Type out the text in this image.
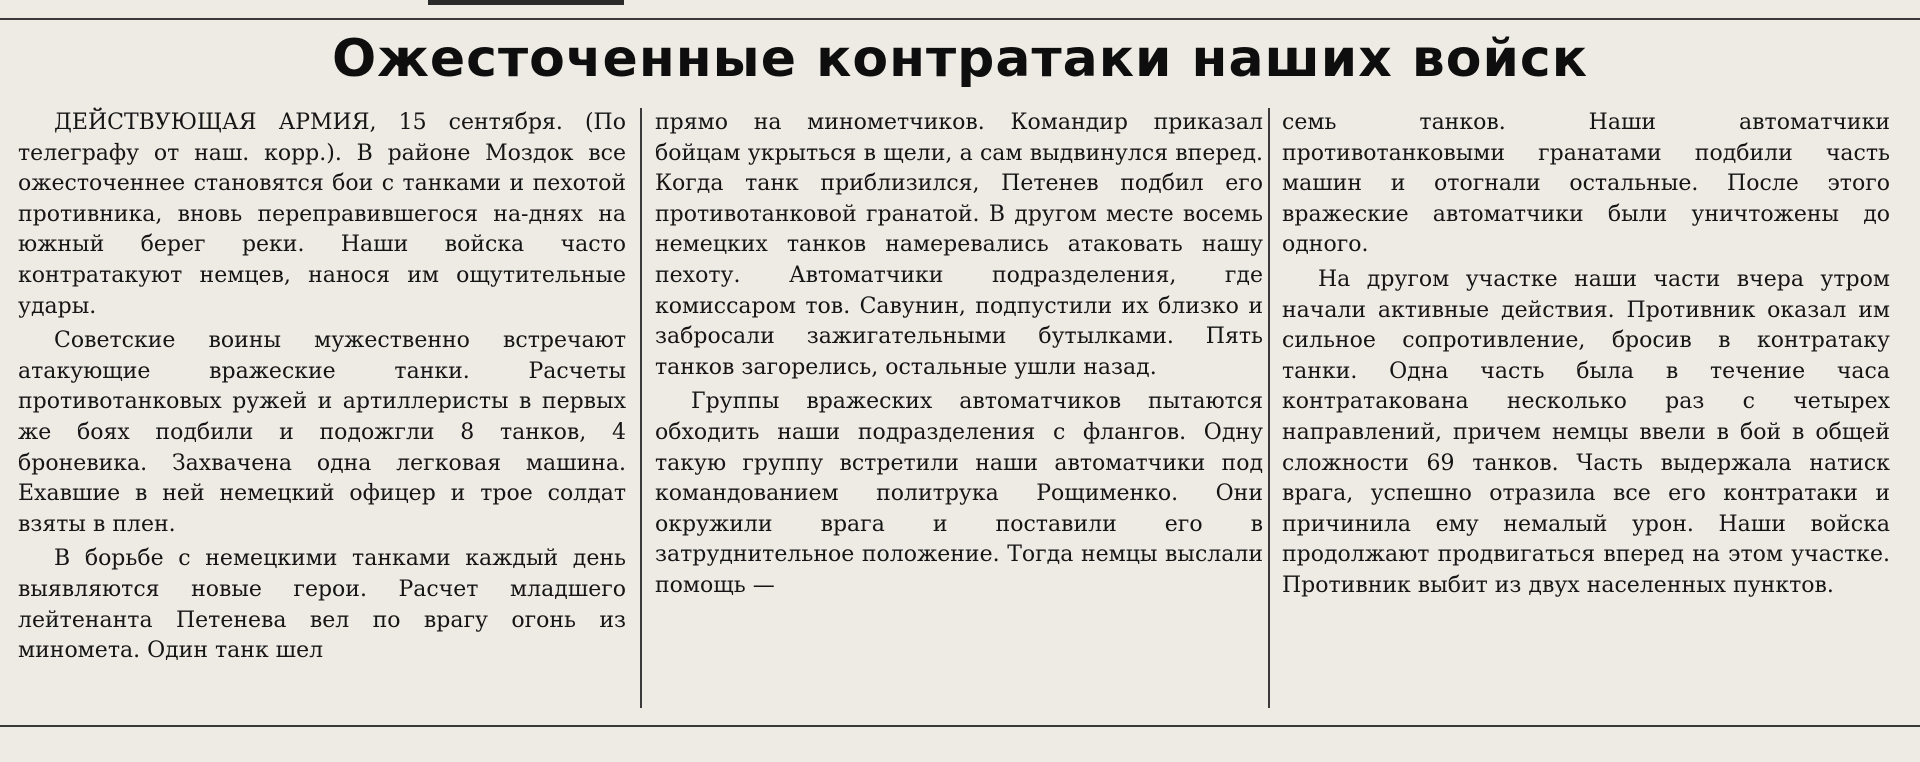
Ожесточенные контратаки наших войск

ДЕЙСТВУЮЩАЯ АРМИЯ, 15 сентября. (По телеграфу от наш. корр.). В районе Моздок все ожесточеннее становятся бои с танками и пехотой противника, вновь переправившегося на-днях на южный берег реки. Наши войска часто контратакуют немцев, нанося им ощутительные удары.

Советские воины мужественно встречают атакующие вражеские танки. Расчеты противотанковых ружей и артиллеристы в первых же боях подбили и подожгли 8 танков, 4 броневика. Захвачена одна легковая машина. Ехавшие в ней немецкий офицер и трое солдат взяты в плен.

В борьбе с немецкими танками каждый день выявляются новые герои. Расчет младшего лейтенанта Петенева вел по врагу огонь из миномета. Один танк шел

прямо на минометчиков. Командир приказал бойцам укрыться в щели, а сам выдвинулся вперед. Когда танк приблизился, Петенев подбил его противотанковой гранатой. В другом месте восемь немецких танков намеревались атаковать нашу пехоту. Автоматчики подразделения, где комиссаром тов. Савунин, подпустили их близко и забросали зажигательными бутылками. Пять танков загорелись, остальные ушли назад.

Группы вражеских автоматчиков пытаются обходить наши подразделения с флангов. Одну такую группу встретили наши автоматчики под командованием политрука Рощименко. Они окружили врага и поставили его в затруднительное положение. Тогда немцы выслали помощь —

семь танков. Наши автоматчики противотанковыми гранатами подбили часть машин и отогнали остальные. После этого вражеские автоматчики были уничтожены до одного.

На другом участке наши части вчера утром начали активные действия. Противник оказал им сильное сопротивление, бросив в контратаку танки. Одна часть была в течение часа контратакована несколько раз с четырех направлений, причем немцы ввели в бой в общей сложности 69 танков. Часть выдержала натиск врага, успешно отразила все его контратаки и причинила ему немалый урон. Наши войска продолжают продвигаться вперед на этом участке. Противник выбит из двух населенных пунктов.
